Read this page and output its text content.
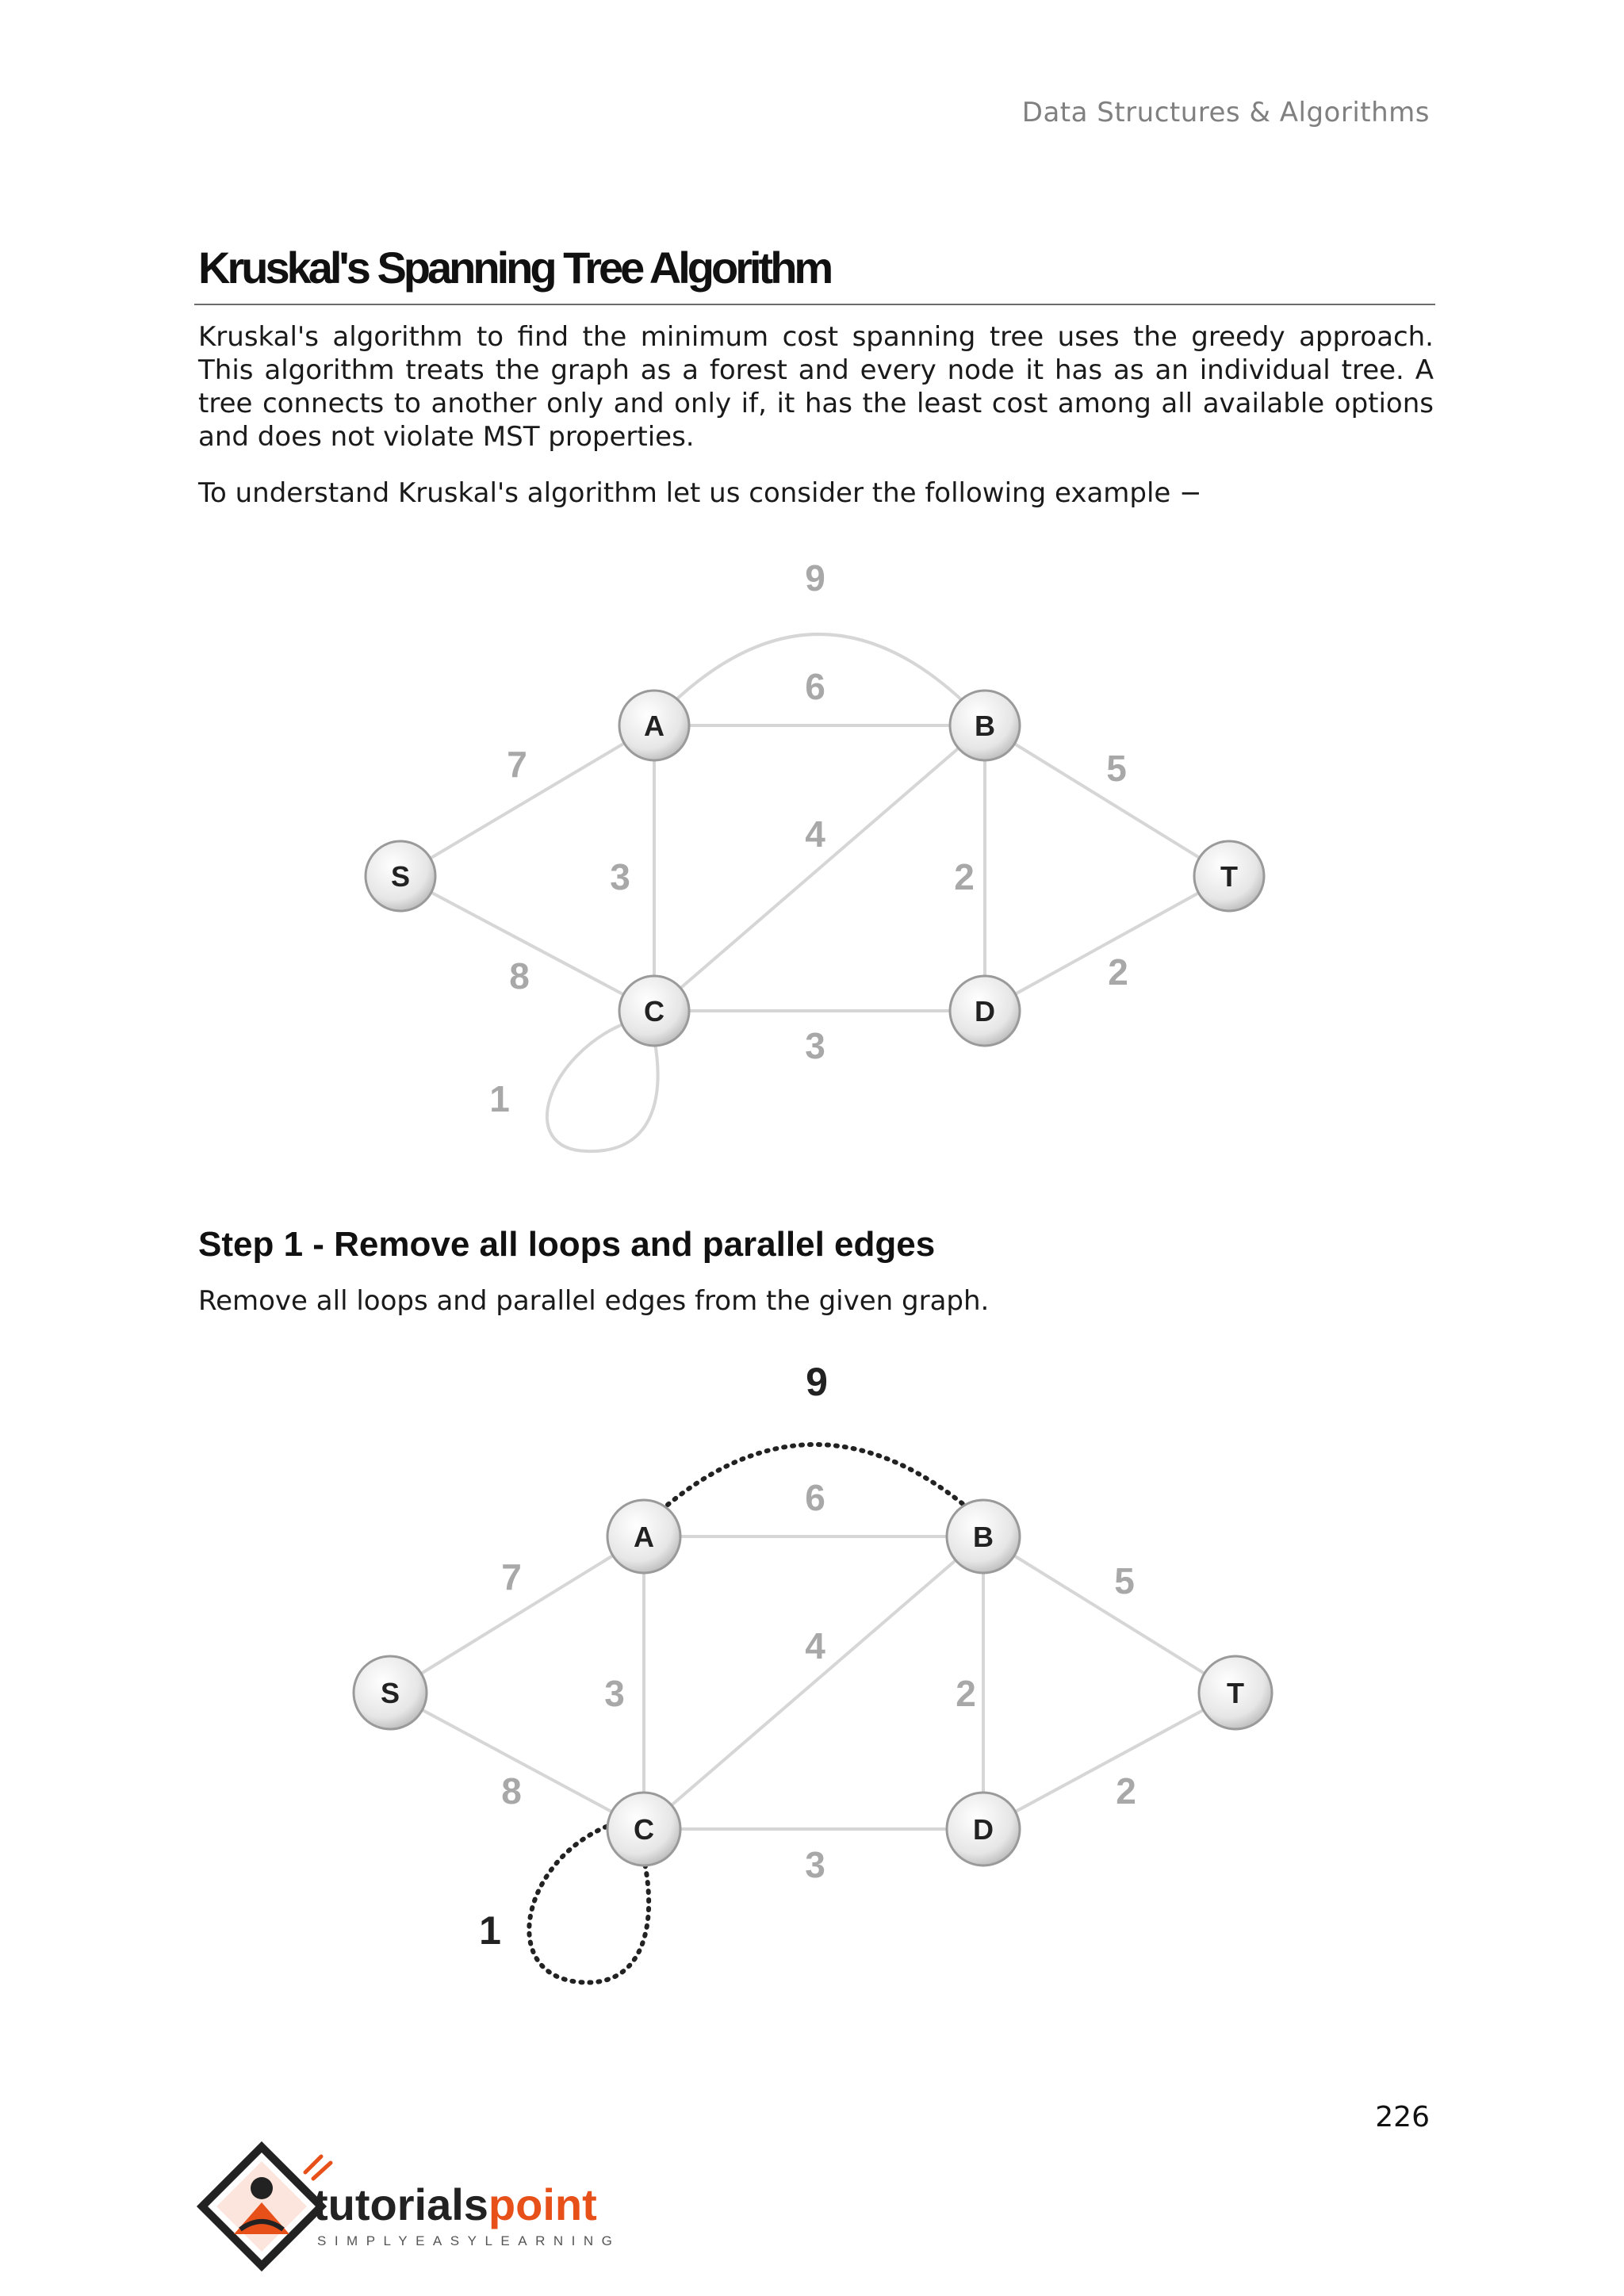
Data Structures & Algorithms
Kruskal's Spanning Tree Algorithm

Kruskal's algorithm to find the minimum cost spanning tree uses the greedy approach. This algorithm treats the graph as a forest and every node it has as an individual tree. A tree connects to another only and only if, it has the least cost among all available options and does not violate MST properties.

To understand Kruskal's algorithm let us consider the following example −

9
6
7	5
4
3	2
8	2
3
1
S
A	B
C	D
T
Step 1 - Remove all loops and parallel edges

Remove all loops and parallel edges from the given graph.

9
6
7	5
4
3	2
8	2
3
1
S
A	B
C	D
T
226
tutorialspoint
SIMPLYEASYLEARNING
